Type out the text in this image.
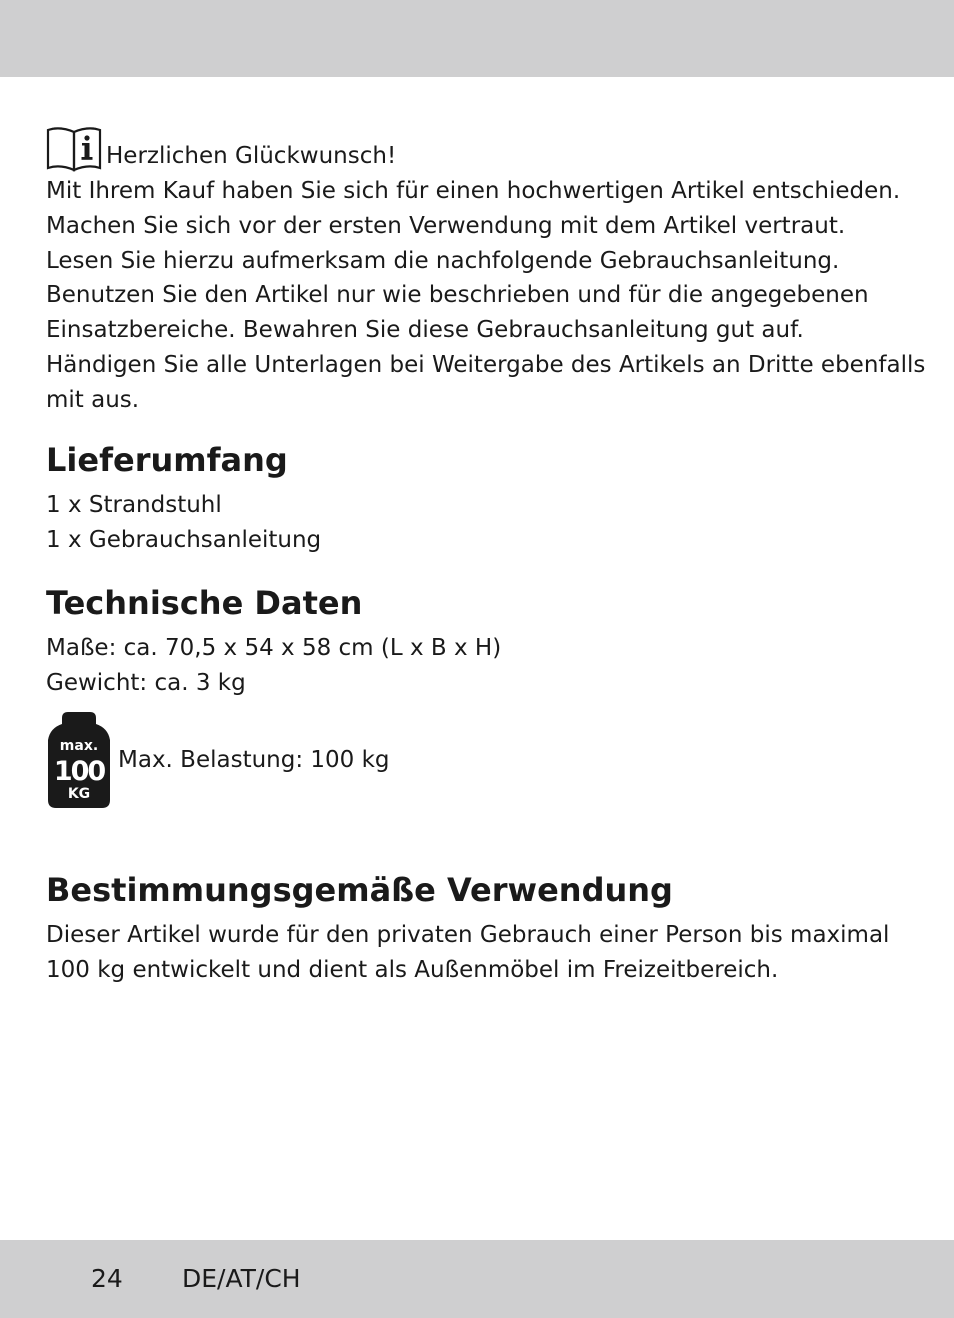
Herzlichen Glückwunsch!

Mit Ihrem Kauf haben Sie sich für einen hochwertigen Artikel entschieden.

Machen Sie sich vor der ersten Verwendung mit dem Artikel vertraut.

Lesen Sie hierzu aufmerksam die nachfolgende Gebrauchsanleitung.

Benutzen Sie den Artikel nur wie beschrieben und für die angegebenen

Einsatzbereiche. Bewahren Sie diese Gebrauchsanleitung gut auf.

Händigen Sie alle Unterlagen bei Weitergabe des Artikels an Dritte ebenfalls

mit aus.

Lieferumfang

1 x Strandstuhl

1 x Gebrauchsanleitung

Technische Daten

Maße: ca. 70,5 x 54 x 58 cm (L x B x H)

Gewicht: ca. 3 kg

max.
100
KG
Max. Belastung: 100 kg
Bestimmungsgemäße Verwendung

Dieser Artikel wurde für den privaten Gebrauch einer Person bis maximal

100 kg entwickelt und dient als Außenmöbel im Freizeitbereich.

24 DE/AT/CH
